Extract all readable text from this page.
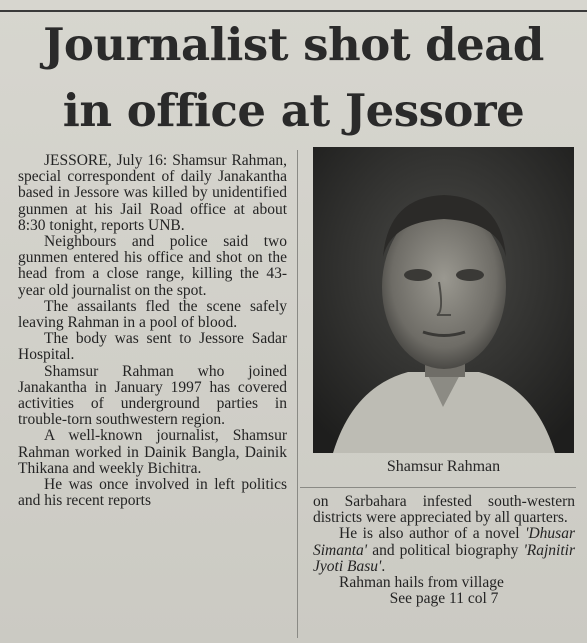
Journalist shot dead
in office at Jessore

JESSORE, July 16: Shamsur Rahman, special correspondent of daily Janakantha based in Jessore was killed by unidentified gunmen at his Jail Road office at about 8:30 tonight, reports UNB.

Neighbours and police said two gunmen entered his office and shot on the head from a close range, killing the 43-year old journalist on the spot.

The assailants fled the scene safely leaving Rahman in a pool of blood.

The body was sent to Jessore Sadar Hospital.

Shamsur Rahman who joined Janakantha in January 1997 has covered activities of underground parties in trouble-torn southwestern region.

A well-known journalist, Shamsur Rahman worked in Dainik Bangla, Dainik Thikana and weekly Bichitra.

He was once involved in left politics and his recent reports

Shamsur Rahman

on Sarbahara infested south-western districts were appreciated by all quarters.

He is also author of a novel 'Dhusar Simanta' and political biography 'Rajnitir Jyoti Basu'.

Rahman hails from village

See page 11 col 7
